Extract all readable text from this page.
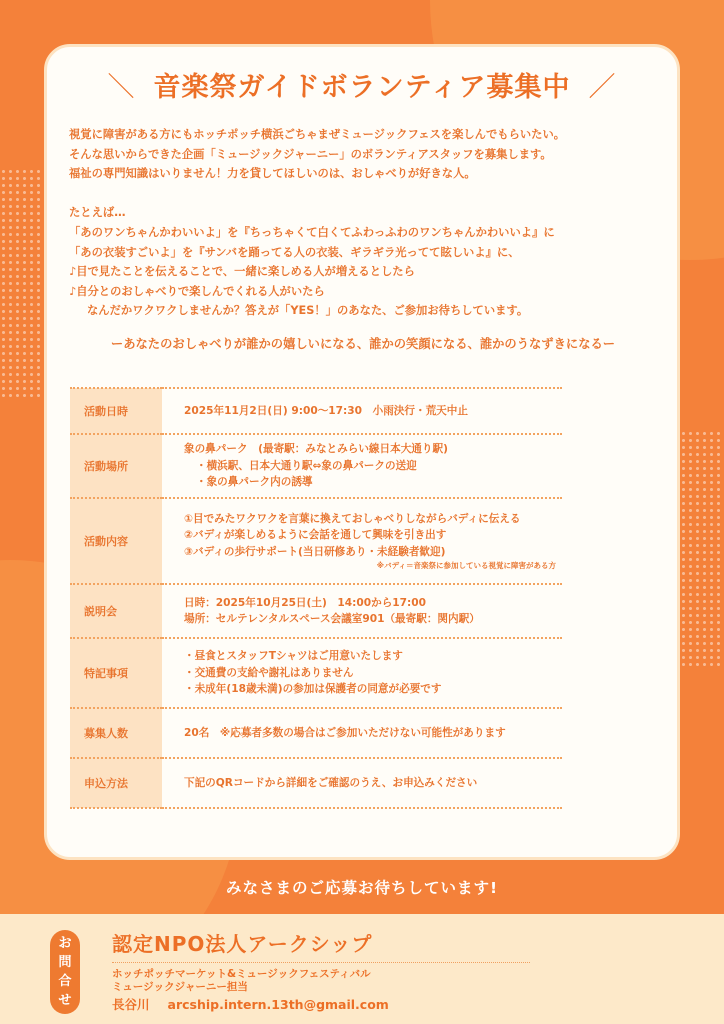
＼ 音楽祭ガイドボランティア募集中 ／

視覚に障害がある方にもホッチポッチ横浜ごちゃまぜミュージックフェスを楽しんでもらいたい。

そんな思いからできた企画「ミュージックジャーニー」のボランティアスタッフを募集します。

福祉の専門知識はいりません！力を貸してほしいのは、おしゃべりが好きな人。

たとえば…

「あのワンちゃんかわいいよ」を『ちっちゃくて白くてふわっふわのワンちゃんかわいいよ』に

「あの衣装すごいよ」を『サンバを踊ってる人の衣装、ギラギラ光ってて眩しいよ』に、

♪目で見たことを伝えることで、一緒に楽しめる人が増えるとしたら

♪自分とのおしゃべりで楽しんでくれる人がいたら

なんだかワクワクしませんか？答えが「YES！」のあなた、ご参加お待ちしています。

ーあなたのおしゃべりが誰かの嬉しいになる、誰かの笑顔になる、誰かのうなずきになるー
活動日時	2025年11月2日(日) 9:00～17:30　小雨決行・荒天中止
活動場所	象の鼻パーク　(最寄駅：みなとみらい線日本大通り駅)
・横浜駅、日本大通り駅⇔象の鼻パークの送迎
・象の鼻パーク内の誘導

活動内容	①目でみたワクワクを言葉に換えておしゃべりしながらバディに伝える
②バディが楽しめるように会話を通して興味を引き出す
③バディの歩行サポート(当日研修あり・未経験者歓迎)
※バディ＝音楽祭に参加している視覚に障害がある方

説明会	日時：2025年10月25日(土)　14:00から17:00
場所：セルテレンタルスペース会議室901（最寄駅：関内駅）

特記事項	・昼食とスタッフTシャツはご用意いたします
・交通費の支給や謝礼はありません
・未成年(18歳未満)の参加は保護者の同意が必要です

募集人数	20名　※応募者多数の場合はご参加いただけない可能性があります
申込方法	下記のQRコードから詳細をご確認のうえ、お申込みください
みなさまのご応募お待ちしています!
お問合せ
認定NPO法人アークシップ
ホッチポッチマーケット&ミュージックフェスティバル
ミュージックジャーニー担当
長谷川 arcship.intern.13th@gmail.com
